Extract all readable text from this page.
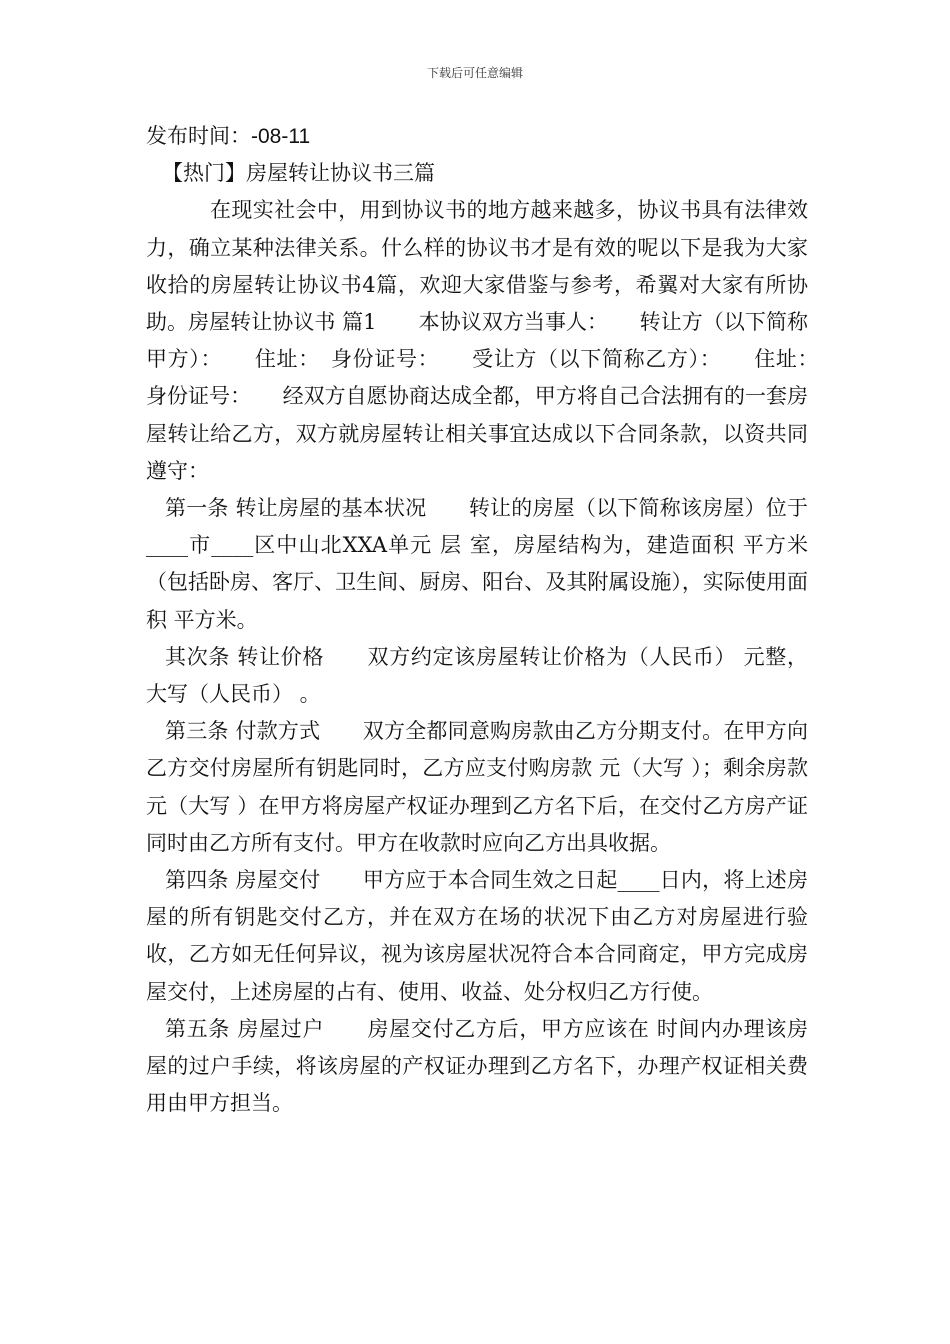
下载后可任意编辑

发布时间：-08-11

【热门】房屋转让协议书三篇

在现实社会中，用到协议书的地方越来越多，协议书具有法律效力，确立某种法律关系。什么样的协议书才是有效的呢以下是我为大家收拾的房屋转让协议书4篇，欢迎大家借鉴与参考，希翼对大家有所协助。房屋转让协议书 篇1　　本协议双方当事人：　　转让方（以下简称甲方）：　　住址：　身份证号：　　受让方（以下简称乙方）：　　住址：　身份证号：　　经双方自愿协商达成全都，甲方将自己合法拥有的一套房屋转让给乙方，双方就房屋转让相关事宜达成以下合同条款，以资共同遵守：

第一条 转让房屋的基本状况　　转让的房屋（以下简称该房屋）位于____市____区中山北XXA单元 层 室，房屋结构为，建造面积 平方米（包括卧房、客厅、卫生间、厨房、阳台、及其附属设施），实际使用面积 平方米。

其次条 转让价格　　双方约定该房屋转让价格为（人民币） 元整，大写（人民币） 。

第三条 付款方式　　双方全都同意购房款由乙方分期支付。在甲方向乙方交付房屋所有钥匙同时，乙方应支付购房款 元（大写 ）；剩余房款 元（大写 ）在甲方将房屋产权证办理到乙方名下后，在交付乙方房产证同时由乙方所有支付。甲方在收款时应向乙方出具收据。

第四条 房屋交付　　甲方应于本合同生效之日起____日内，将上述房屋的所有钥匙交付乙方，并在双方在场的状况下由乙方对房屋进行验收，乙方如无任何异议，视为该房屋状况符合本合同商定，甲方完成房屋交付，上述房屋的占有、使用、收益、处分权归乙方行使。

第五条 房屋过户　　房屋交付乙方后，甲方应该在 时间内办理该房屋的过户手续，将该房屋的产权证办理到乙方名下，办理产权证相关费用由甲方担当。
